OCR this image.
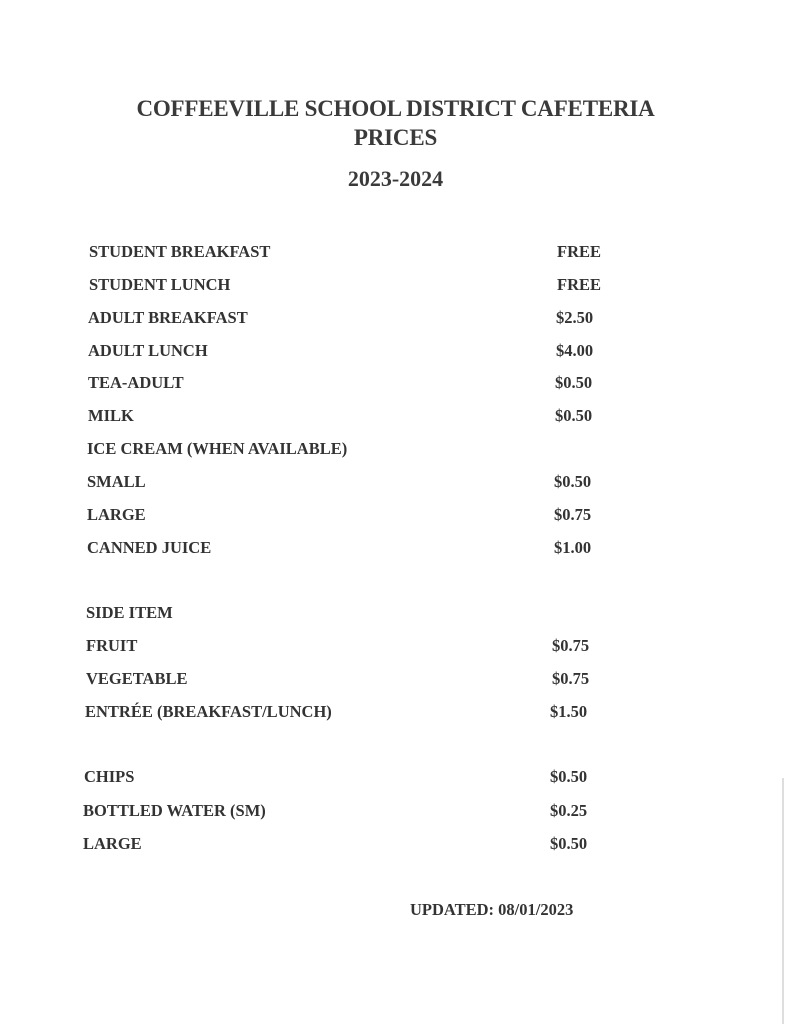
COFFEEVILLE SCHOOL DISTRICT CAFETERIA
PRICES
2023-2024
STUDENT BREAKFAST	FREE
STUDENT LUNCH	FREE
ADULT BREAKFAST	$2.50
ADULT LUNCH	$4.00
TEA-ADULT	$0.50
MILK	$0.50
ICE CREAM (WHEN AVAILABLE)
SMALL	$0.50
LARGE	$0.75
CANNED JUICE	$1.00
SIDE ITEM
FRUIT	$0.75
VEGETABLE	$0.75
ENTRÉE (BREAKFAST/LUNCH)	$1.50
CHIPS	$0.50
BOTTLED WATER (SM)	$0.25
LARGE	$0.50
UPDATED: 08/01/2023
